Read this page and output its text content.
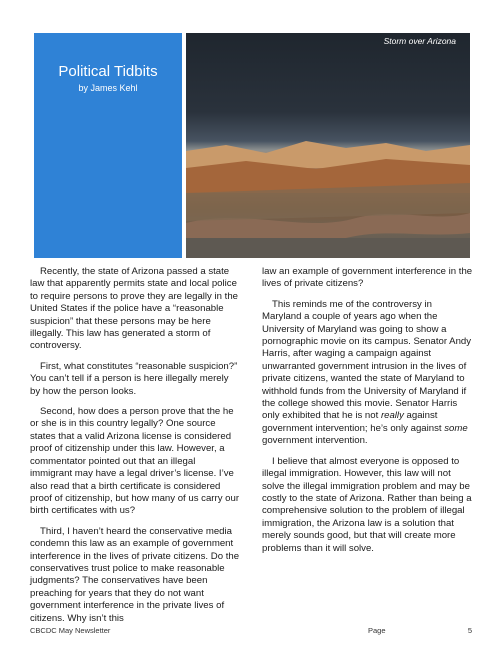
Political Tidbits
by James Kehl
Storm over Arizona

Recently, the state of Arizona passed a state law that apparently permits state and local police to require persons to prove they are legally in the United States if the police have a “reasonable suspicion” that these persons may be here illegally. This law has generated a storm of controversy.

First, what constitutes “reasonable suspicion?” You can’t tell if a person is here illegally merely by how the person looks.

Second, how does a person prove that the he or she is in this country legally? One source states that a valid Arizona license is considered proof of citizenship under this law. However, a commentator pointed out that an illegal immigrant may have a legal driver’s license. I’ve also read that a birth certificate is considered proof of citizenship, but how many of us carry our birth certificates with us?

Third, I haven’t heard the conservative media condemn this law as an example of government interference in the lives of private citizens. Do the conservatives trust police to make reasonable judgments? The conservatives have been preaching for years that they do not want government interference in the private lives of citizens. Why isn’t this

law an example of government interference in the lives of private citizens?

This reminds me of the controversy in Maryland a couple of years ago when the University of Maryland was going to show a pornographic movie on its campus. Senator Andy Harris, after waging a campaign against unwarranted government intrusion in the lives of private citizens, wanted the state of Maryland to withhold funds from the University of Maryland if the college showed this movie. Senator Harris only exhibited that he is not really against government intervention; he’s only against some government intervention.

I believe that almost everyone is opposed to illegal immigration. However, this law will not solve the illegal immigration problem and may be costly to the state of Arizona. Rather than being a comprehensive solution to the problem of illegal immigration, the Arizona law is a solution that merely sounds good, but that will create more problems than it will solve.

CBCDC May Newsletter	Page	5
